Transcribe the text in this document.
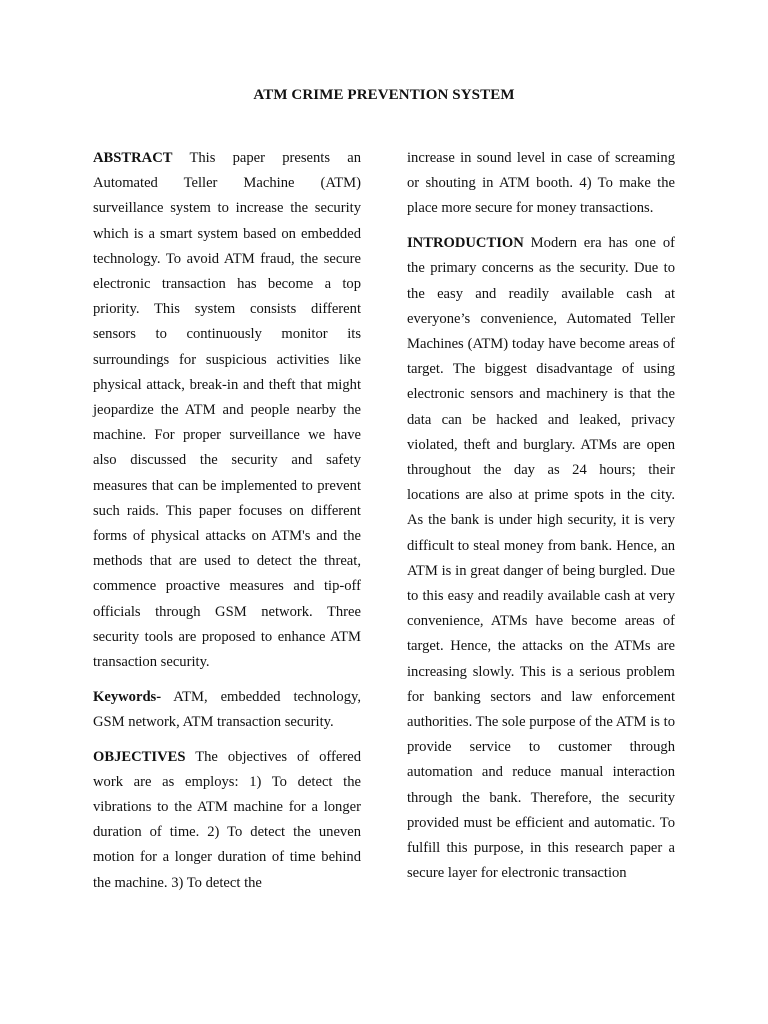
ATM CRIME PREVENTION SYSTEM

ABSTRACT This paper presents an Automated Teller Machine (ATM) surveillance system to increase the security which is a smart system based on embedded technology. To avoid ATM fraud, the secure electronic transaction has become a top priority. This system consists different sensors to continuously monitor its surroundings for suspicious activities like physical attack, break-in and theft that might jeopardize the ATM and people nearby the machine. For proper surveillance we have also discussed the security and safety measures that can be implemented to prevent such raids. This paper focuses on different forms of physical attacks on ATM's and the methods that are used to detect the threat, commence proactive measures and tip-off officials through GSM network. Three security tools are proposed to enhance ATM transaction security.

Keywords- ATM, embedded technology, GSM network, ATM transaction security.

OBJECTIVES The objectives of offered work are as employs: 1) To detect the vibrations to the ATM machine for a longer duration of time. 2) To detect the uneven motion for a longer duration of time behind the machine. 3) To detect the

increase in sound level in case of screaming or shouting in ATM booth. 4) To make the place more secure for money transactions.

INTRODUCTION Modern era has one of the primary concerns as the security. Due to the easy and readily available cash at everyone’s convenience, Automated Teller Machines (ATM) today have become areas of target. The biggest disadvantage of using electronic sensors and machinery is that the data can be hacked and leaked, privacy violated, theft and burglary. ATMs are open throughout the day as 24 hours; their locations are also at prime spots in the city. As the bank is under high security, it is very difficult to steal money from bank. Hence, an ATM is in great danger of being burgled. Due to this easy and readily available cash at very convenience, ATMs have become areas of target. Hence, the attacks on the ATMs are increasing slowly. This is a serious problem for banking sectors and law enforcement authorities. The sole purpose of the ATM is to provide service to customer through automation and reduce manual interaction through the bank. Therefore, the security provided must be efficient and automatic. To fulfill this purpose, in this research paper a secure layer for electronic transaction
